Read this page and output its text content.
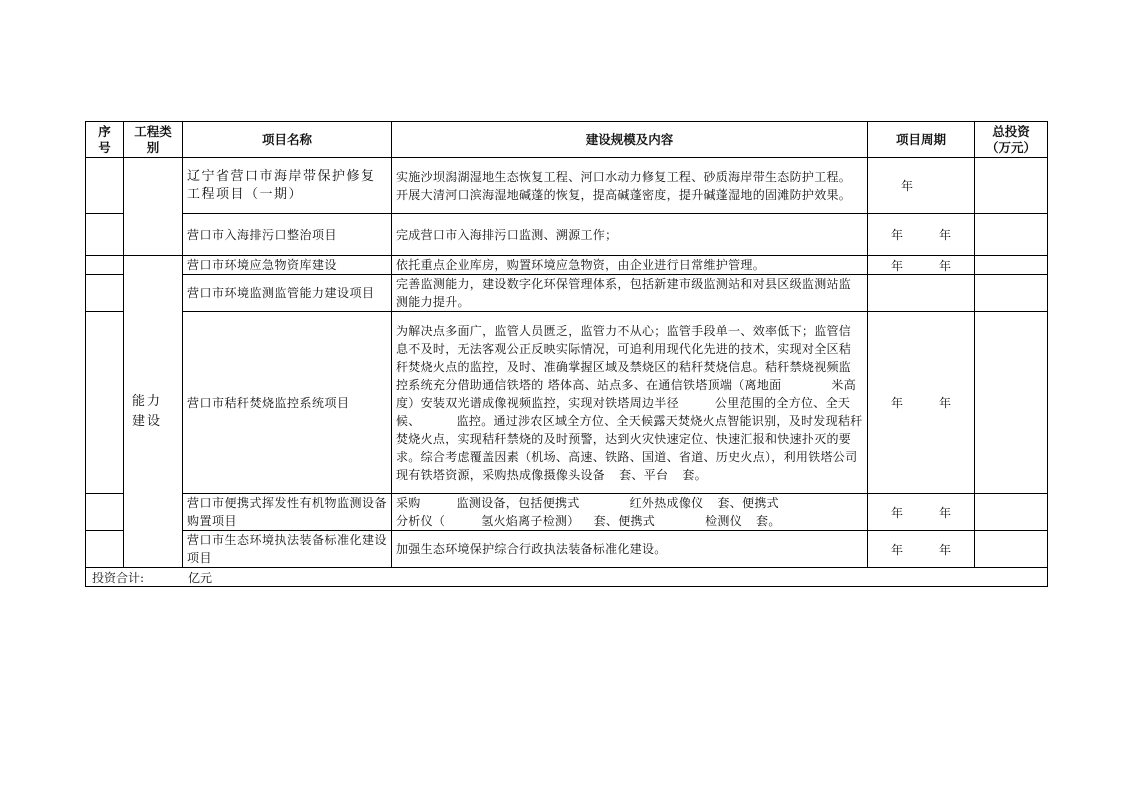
序号	工程类别	项目名称	建设规模及内容	项目周期	总投资（万元）
		辽宁省营口市海岸带保护修复工程项目（一期）	实施沙坝潟湖湿地生态恢复工程、河口水动力修复工程、砂质海岸带生态防护工程。开展大清河口滨海湿地碱蓬的恢复，提高碱蓬密度，提升碱蓬湿地的固滩防护效果。	年	
		营口市入海排污口整治项目	完成营口市入海排污口监测、溯源工作；	年 年	
	能力建设	营口市环境应急物资库建设	依托重点企业库房，购置环境应急物资，由企业进行日常维护管理。	年 年	
		营口市环境监测监管能力建设项目	完善监测能力，建设数字化环保管理体系，包括新建市级监测站和对县区级监测站监测能力提升。		
		营口市秸秆焚烧监控系统项目	为解决点多面广，监管人员匮乏，监管力不从心；监管手段单一、效率低下；监管信息不及时，无法客观公正反映实际情况，可追利用现代化先进的技术，实现对全区秸秆焚烧火点的监控，及时、准确掌握区域及禁烧区的秸秆焚烧信息。秸秆禁烧视频监控系统充分借助通信铁塔的 塔体高、站点多、在通信铁塔顶端（离地面 米高度）安装双光谱成像视频监控，实现对铁塔周边半径 公里范围的全方位、全天候、 监控。通过涉农区域全方位、全天候露天焚烧火点智能识别，及时发现秸秆焚烧火点，实现秸秆禁烧的及时预警，达到火灾快速定位、快速汇报和快速扑灭的要求。综合考虑覆盖因素（机场、高速、铁路、国道、省道、历史火点），利用铁塔公司现有铁塔资源，采购热成像摄像头设备 套、平台 套。	年 年	
		营口市便携式挥发性有机物监测设备购置项目	采购 监测设备，包括便携式 红外热成像仪 套、便携式
分析仪（ 氢火焰离子检测） 套、便携式 检测仪 套。	年 年	
		营口市生态环境执法装备标准化建设项目	加强生态环境保护综合行政执法装备标准化建设。	年 年	
投资合计: 亿元					
